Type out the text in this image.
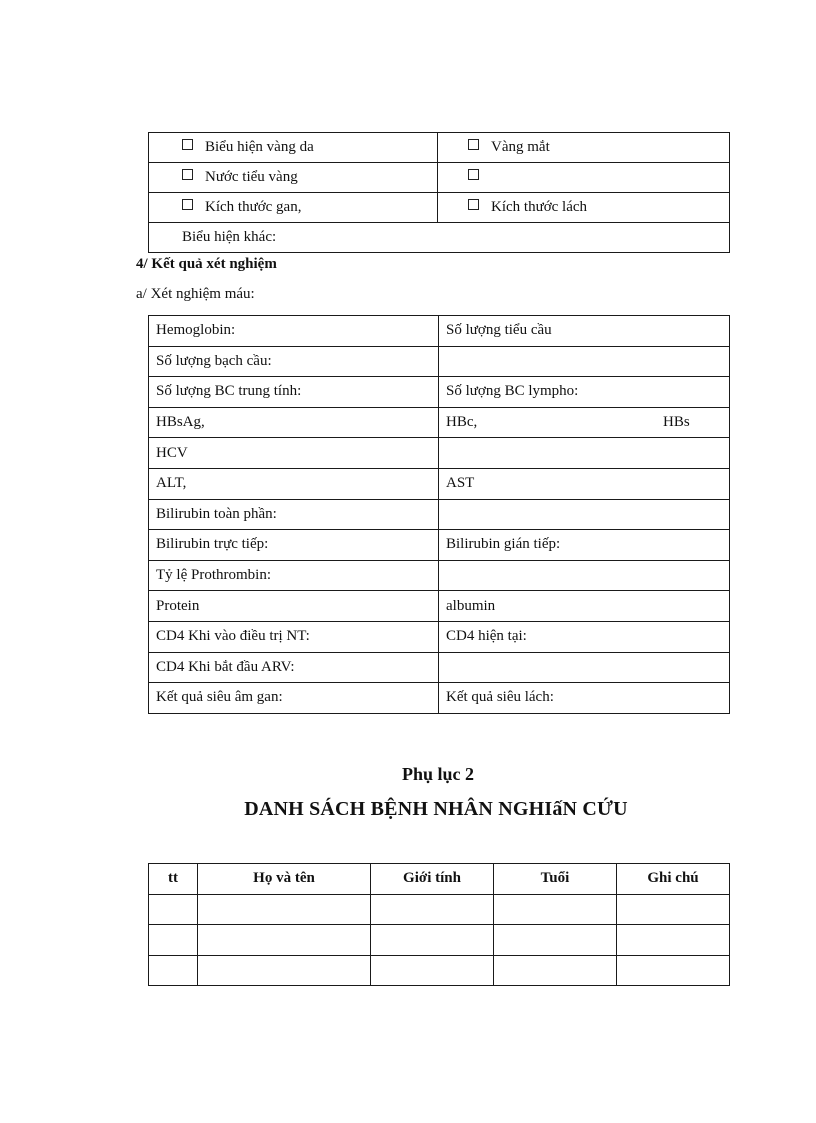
Biểu hiện vàng da	Vàng mắt
Nước tiểu vàng	
Kích thước gan,	Kích thước lách
Biểu hiện khác:	
4/ Kết quả xét nghiệm
a/ Xét nghiệm máu:
Hemoglobin:	Số lượng tiểu cầu
Số lượng bạch cầu:	
Số lượng BC trung tính:	Số lượng BC lympho:
HBsAg,	HBc, HBs
HCV	
ALT,	AST
Bilirubin toàn phần:	
Bilirubin trực tiếp:	Bilirubin gián tiếp:
Tỷ lệ Prothrombin:	
Protein	albumin
CD4 Khi vào điều trị NT:	CD4 hiện tại:
CD4 Khi bắt đầu ARV:	
Kết quả siêu âm gan:	Kết quả siêu lách:
Phụ lục 2
DANH SÁCH BỆNH NHÂN NGHIấN CỨU
tt	Họ và tên	Giới tính	Tuổi	Ghi chú
